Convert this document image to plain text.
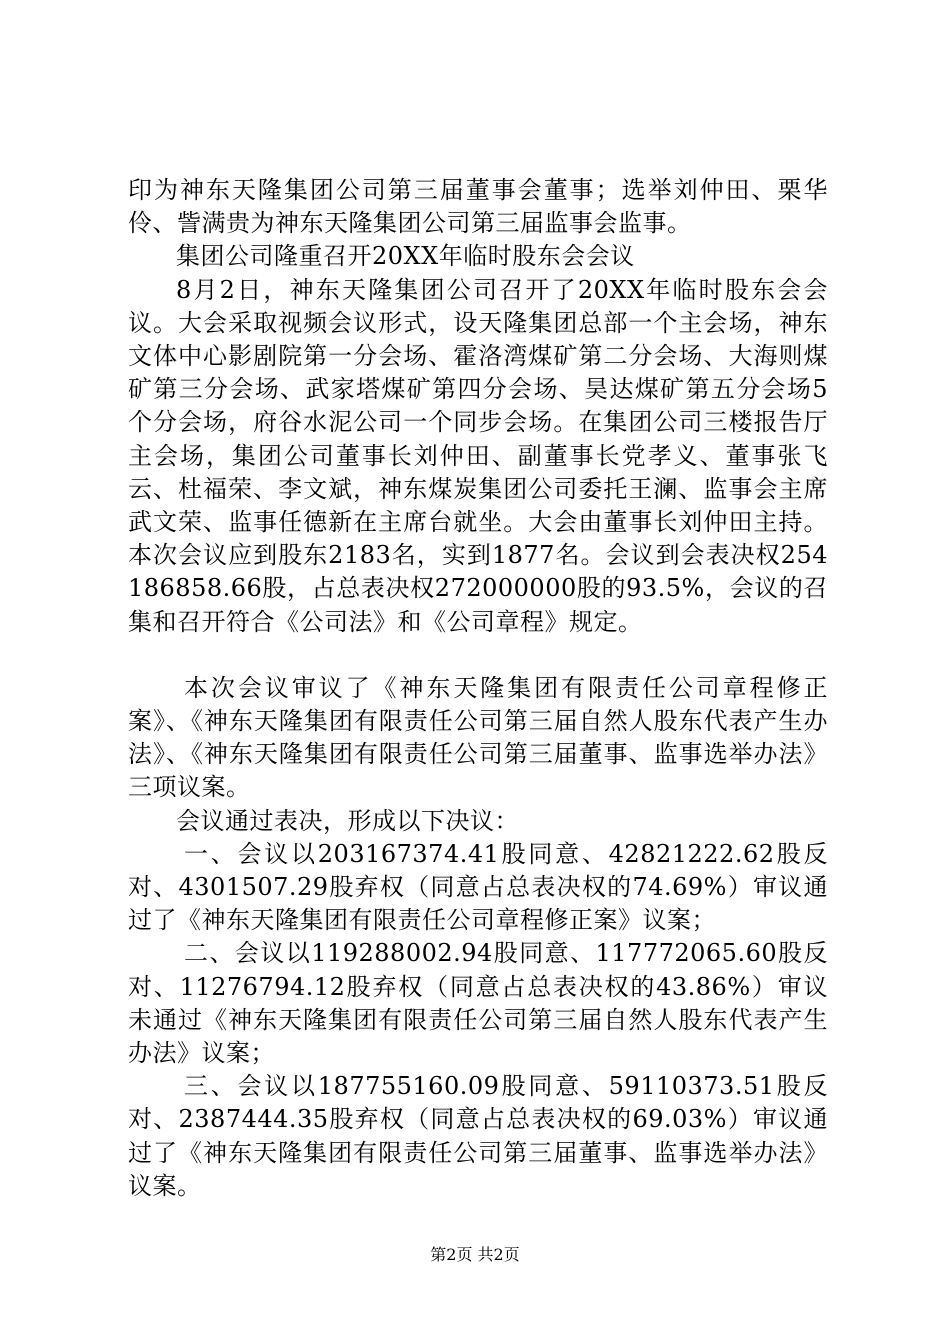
印为神东天隆集团公司第三届董事会董事；选举刘仲田、栗华伶、訾满贵为神东天隆集团公司第三届监事会监事。

集团公司隆重召开20XX年临时股东会会议

8月2日，神东天隆集团公司召开了20XX年临时股东会会议。大会采取视频会议形式，设天隆集团总部一个主会场，神东文体中心影剧院第一分会场、霍洛湾煤矿第二分会场、大海则煤矿第三分会场、武家塔煤矿第四分会场、昊达煤矿第五分会场5个分会场，府谷水泥公司一个同步会场。在集团公司三楼报告厅主会场，集团公司董事长刘仲田、副董事长党孝义、董事张飞云、杜福荣、李文斌，神东煤炭集团公司委托王澜、监事会主席武文荣、监事任德新在主席台就坐。大会由董事长刘仲田主持。本次会议应到股东2183名，实到1877名。会议到会表决权254186858.66股，占总表决权272000000股的93.5%，会议的召集和召开符合《公司法》和《公司章程》规定。

本次会议审议了《神东天隆集团有限责任公司章程修正案》、《神东天隆集团有限责任公司第三届自然人股东代表产生办法》、《神东天隆集团有限责任公司第三届董事、监事选举办法》三项议案。

会议通过表决，形成以下决议：

一、会议以203167374.41股同意、42821222.62股反对、4301507.29股弃权（同意占总表决权的74.69%）审议通过了《神东天隆集团有限责任公司章程修正案》议案；

二、会议以119288002.94股同意、117772065.60股反对、11276794.12股弃权（同意占总表决权的43.86%）审议未通过《神东天隆集团有限责任公司第三届自然人股东代表产生办法》议案；

三、会议以187755160.09股同意、59110373.51股反对、2387444.35股弃权（同意占总表决权的69.03%）审议通过了《神东天隆集团有限责任公司第三届董事、监事选举办法》议案。

第2页 共2页
